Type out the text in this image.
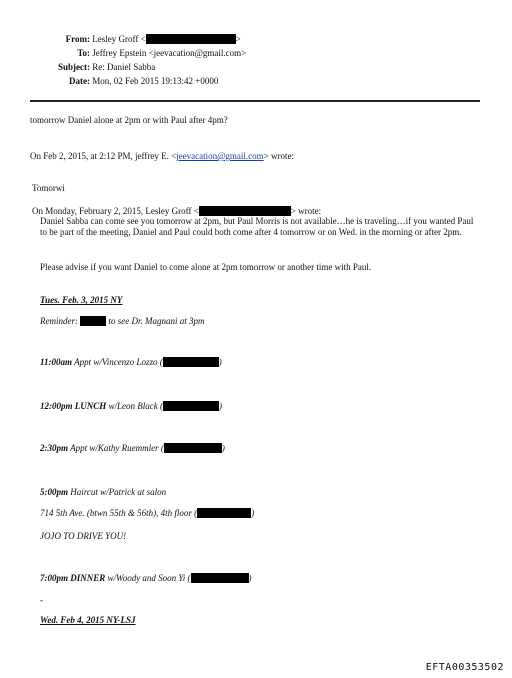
From: Lesley Groff <	>
To: Jeffrey Epstein <jeevacation@gmail.com>
Subject: Re: Daniel Sabba
Date: Mon, 02 Feb 2015 19:13:42 +0000
tomorrow Daniel alone at 2pm or with Paul after 4pm?
On Feb 2, 2015, at 2:12 PM, jeffrey E. <jeevacation@gmail.com> wrote:
Tomorwi
On Monday, February 2, 2015, Lesley Groff <	> wrote:
Daniel Sabba can come see you tomorrow at 2pm, but Paul Morris is not available…he is traveling…if you wanted Paul to be part of the meeting, Daniel and Paul could both come after 4 tomorrow or on Wed. in the morning or after 2pm.
Please advise if you want Daniel to come alone at 2pm tomorrow or another time with Paul.
Tues. Feb. 3, 2015 NY
Reminder:	to see Dr. Magnani at 3pm
11:00am Appt w/Vincenzo Lozzo (	)
12:00pm LUNCH w/Leon Black (	)
2:30pm Appt w/Kathy Ruemmler (	)
5:00pm Haircut w/Patrick at salon
714 5th Ave. (btwn 55th & 56th), 4th floor (	)
JOJO TO DRIVE YOU!
7:00pm DINNER w/Woody and Soon Yi (	)
-
Wed. Feb 4, 2015 NY-LSJ
EFTA00353502
